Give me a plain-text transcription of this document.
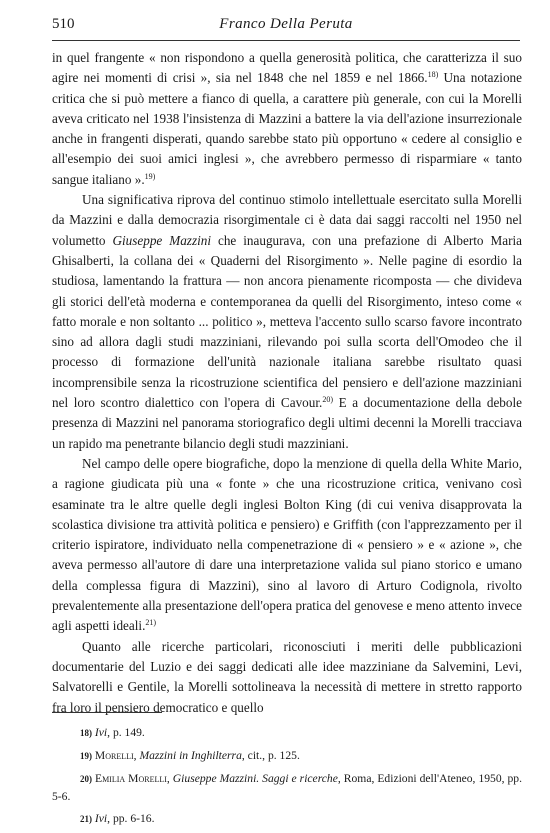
510	Franco Della Peruta

in quel frangente « non rispondono a quella generosità politica, che caratterizza il suo agire nei momenti di crisi », sia nel 1848 che nel 1859 e nel 1866.$^{18)}$ Una notazione critica che si può mettere a fianco di quella, a carattere più generale, con cui la Morelli aveva criticato nel 1938 l'insistenza di Mazzini a battere la via dell'azione insurrezionale anche in frangenti disperati, quando sarebbe stato più opportuno « cedere al consiglio e all'esempio dei suoi amici inglesi », che avrebbero permesso di risparmiare « tanto sangue italiano ».$^{19)}$

Una significativa riprova del continuo stimolo intellettuale esercitato sulla Morelli da Mazzini e dalla democrazia risorgimentale ci è data dai saggi raccolti nel 1950 nel volumetto Giuseppe Mazzini che inaugurava, con una prefazione di Alberto Maria Ghisalberti, la collana dei « Quaderni del Risorgimento ». Nelle pagine di esordio la studiosa, lamentando la frattura — non ancora pienamente ricomposta — che divideva gli storici dell'età moderna e contemporanea da quelli del Risorgimento, inteso come « fatto morale e non soltanto ... politico », metteva l'accento sullo scarso favore incontrato sino ad allora dagli studi mazziniani, rilevando poi sulla scorta dell'Omodeo che il processo di formazione dell'unità nazionale italiana sarebbe risultato quasi incomprensibile senza la ricostruzione scientifica del pensiero e dell'azione mazziniani nel loro scontro dialettico con l'opera di Cavour.$^{20)}$ E a documentazione della debole presenza di Mazzini nel panorama storiografico degli ultimi decenni la Morelli tracciava un rapido ma penetrante bilancio degli studi mazziniani.

Nel campo delle opere biografiche, dopo la menzione di quella della White Mario, a ragione giudicata più una « fonte » che una ricostruzione critica, venivano così esaminate tra le altre quelle degli inglesi Bolton King (di cui veniva disapprovata la scolastica divisione tra attività politica e pensiero) e Griffith (con l'apprezzamento per il criterio ispiratore, individuato nella compenetrazione di « pensiero » e « azione », che aveva permesso all'autore di dare una interpretazione valida sul piano storico e umano della complessa figura di Mazzini), sino al lavoro di Arturo Codignola, rivolto prevalentemente alla presentazione dell'opera pratica del genovese e meno attento invece agli aspetti ideali.$^{21)}$

Quanto alle ricerche particolari, riconosciuti i meriti delle pubblicazioni documentarie del Luzio e dei saggi dedicati alle idee mazziniane da Salvemini, Levi, Salvatorelli e Gentile, la Morelli sottolineava la necessità di mettere in stretto rapporto fra loro il pensiero democratico e quello

18) Ivi, p. 149.

19) Morelli, Mazzini in Inghilterra, cit., p. 125.

20) Emilia Morelli, Giuseppe Mazzini. Saggi e ricerche, Roma, Edizioni dell'Ateneo, 1950, pp. 5-6.

21) Ivi, pp. 6-16.
